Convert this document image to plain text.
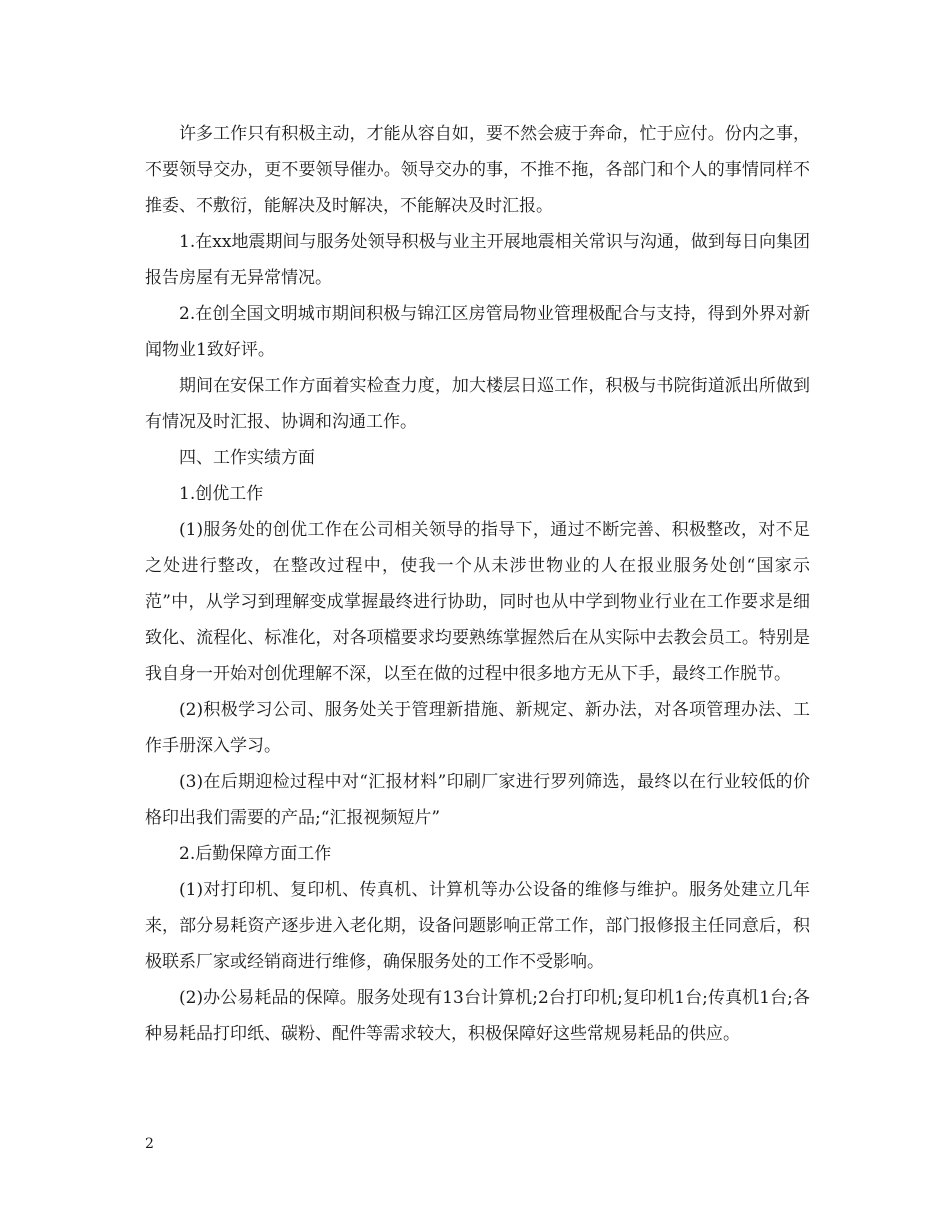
许多工作只有积极主动，才能从容自如，要不然会疲于奔命，忙于应付。份内之事，不要领导交办，更不要领导催办。领导交办的事，不推不拖，各部门和个人的事情同样不推委、不敷衍，能解决及时解决，不能解决及时汇报。

1.在xx地震期间与服务处领导积极与业主开展地震相关常识与沟通，做到每日向集团报告房屋有无异常情况。

2.在创全国文明城市期间积极与锦江区房管局物业管理极配合与支持，得到外界对新闻物业1致好评。

期间在安保工作方面着实检查力度，加大楼层日巡工作，积极与书院街道派出所做到有情况及时汇报、协调和沟通工作。

四、工作实绩方面

1.创优工作

(1)服务处的创优工作在公司相关领导的指导下，通过不断完善、积极整改，对不足之处进行整改，在整改过程中，使我一个从未涉世物业的人在报业服务处创“国家示范”中，从学习到理解变成掌握最终进行协助，同时也从中学到物业行业在工作要求是细致化、流程化、标准化，对各项檔要求均要熟练掌握然后在从实际中去教会员工。特别是我自身一开始对创优理解不深，以至在做的过程中很多地方无从下手，最终工作脱节。

(2)积极学习公司、服务处关于管理新措施、新规定、新办法，对各项管理办法、工作手册深入学习。

(3)在后期迎检过程中对“汇报材料”印刷厂家进行罗列筛选，最终以在行业较低的价格印出我们需要的产品;“汇报视频短片”

2.后勤保障方面工作

(1)对打印机、复印机、传真机、计算机等办公设备的维修与维护。服务处建立几年来，部分易耗资产逐步进入老化期，设备问题影响正常工作，部门报修报主任同意后，积极联系厂家或经销商进行维修，确保服务处的工作不受影响。

(2)办公易耗品的保障。服务处现有13台计算机;2台打印机;复印机1台;传真机1台;各种易耗品打印纸、碳粉、配件等需求较大，积极保障好这些常规易耗品的供应。

2
